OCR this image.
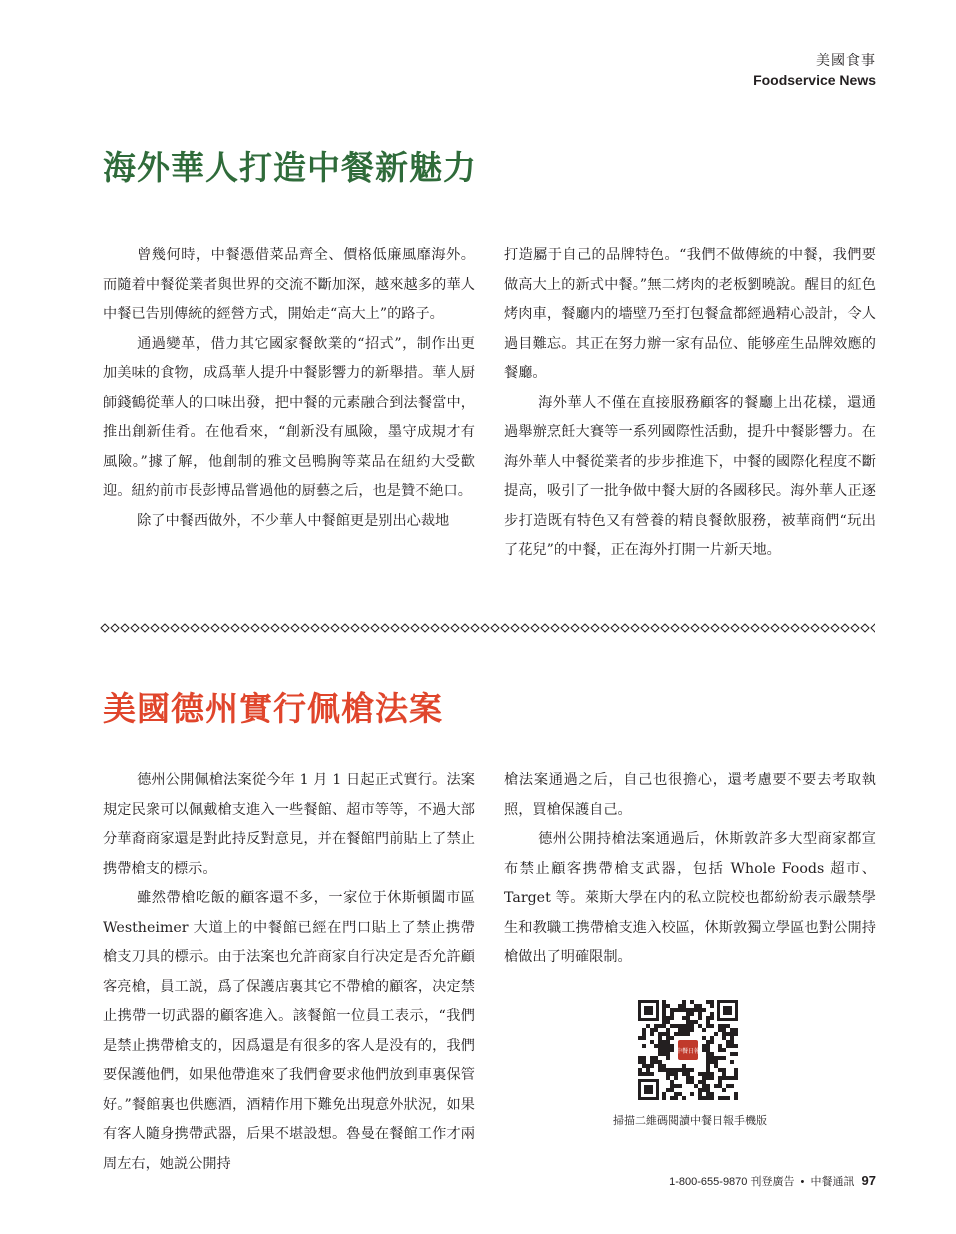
美國食事
Foodservice News
海外華人打造中餐新魅力

曾幾何時，中餐憑借菜品齊全、價格低廉風靡海外。而隨着中餐從業者與世界的交流不斷加深，越來越多的華人中餐已告別傳統的經營方式，開始走“高大上”的路子。

通過變革，借力其它國家餐飲業的“招式”，制作出更加美味的食物，成爲華人提升中餐影響力的新舉措。華人厨師錢鶴從華人的口味出發，把中餐的元素融合到法餐當中，推出創新佳肴。在他看來，“創新没有風險，墨守成規才有風險。”據了解，他創制的雅文邑鴨胸等菜品在紐約大受歡迎。紐約前市長彭博品嘗過他的厨藝之后，也是贊不絶口。

除了中餐西做外，不少華人中餐館更是别出心裁地

打造屬于自己的品牌特色。“我們不做傳統的中餐，我們要做高大上的新式中餐。”無二烤肉的老板劉曉說。醒目的紅色烤肉車，餐廳内的墻壁乃至打包餐盒都經過精心設計，令人過目難忘。其正在努力辦一家有品位、能够産生品牌效應的餐廳。

海外華人不僅在直接服務顧客的餐廳上出花樣，還通過舉辦烹飪大賽等一系列國際性活動，提升中餐影響力。在海外華人中餐從業者的步步推進下，中餐的國際化程度不斷提高，吸引了一批争做中餐大厨的各國移民。海外華人正逐步打造既有特色又有營養的精良餐飲服務，被華商們“玩出了花兒”的中餐，正在海外打開一片新天地。

美國德州實行佩槍法案

德州公開佩槍法案從今年 1 月 1 日起正式實行。法案規定民衆可以佩戴槍支進入一些餐館、超市等等，不過大部分華裔商家還是對此持反對意見，并在餐館門前貼上了禁止携帶槍支的標示。

雖然帶槍吃飯的顧客還不多，一家位于休斯頓闔市區 Westheimer 大道上的中餐館已經在門口貼上了禁止携帶槍支刀具的標示。由于法案也允許商家自行决定是否允許顧客亮槍，員工説，爲了保護店裏其它不帶槍的顧客，决定禁止携帶一切武器的顧客進入。該餐館一位員工表示，“我們是禁止携帶槍支的，因爲還是有很多的客人是没有的，我們要保護他們，如果他帶進來了我們會要求他們放到車裏保管好。”餐館裏也供應酒，酒精作用下難免出現意外狀況，如果有客人隨身携帶武器，后果不堪設想。魯曼在餐館工作才兩周左右，她説公開持

槍法案通過之后，自己也很擔心，還考慮要不要去考取執照，買槍保護自己。

德州公開持槍法案通過后，休斯敦許多大型商家都宣布禁止顧客携帶槍支武器，包括 Whole Foods 超市、Target 等。萊斯大學在内的私立院校也都紛紛表示嚴禁學生和教職工携帶槍支進入校區，休斯敦獨立學區也對公開持槍做出了明確限制。

中餐日報
掃描二維碼閱讀中餐日報手機版
1-800-655-9870 刊登廣告 • 中餐通訊 97
